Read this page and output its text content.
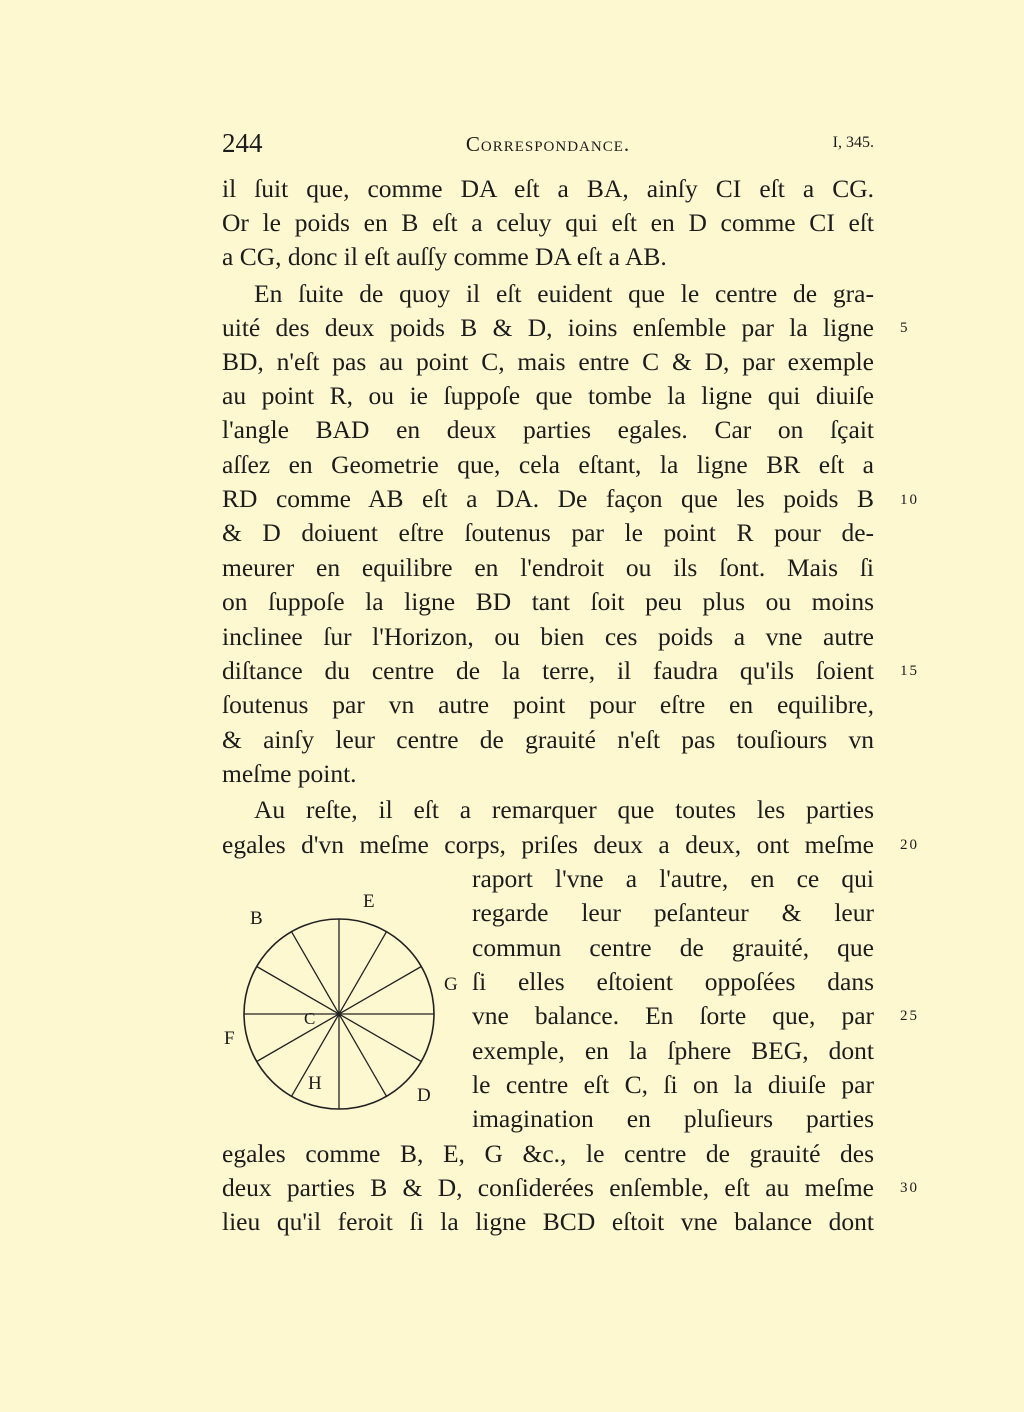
244	Correspondance.	I, 345.
il ſuit que, comme DA eſt a BA, ainſy CI eſt a CG.
Or le poids en B eſt a celuy qui eſt en D comme CI eſt
a CG, donc il eſt auſſy comme DA eſt a AB.
En ſuite de quoy il eſt euident que le centre de gra-
uité des deux poids B & D, ioins enſemble par la ligne
BD, n'eſt pas au point C, mais entre C & D, par exemple
au point R, ou ie ſuppoſe que tombe la ligne qui diuiſe
l'angle BAD en deux parties egales. Car on ſçait
aſſez en Geometrie que, cela eſtant, la ligne BR eſt a
RD comme AB eſt a DA. De façon que les poids B
& D doiuent eſtre ſoutenus par le point R pour de-
meurer en equilibre en l'endroit ou ils ſont. Mais ſi
on ſuppoſe la ligne BD tant ſoit peu plus ou moins
inclinee ſur l'Horizon, ou bien ces poids a vne autre
diſtance du centre de la terre, il faudra qu'ils ſoient
ſoutenus par vn autre point pour eſtre en equilibre,
& ainſy leur centre de grauité n'eſt pas touſiours vn
meſme point.
Au reſte, il eſt a remarquer que toutes les parties
egales d'vn meſme corps, priſes deux a deux, ont meſme
raport l'vne a l'autre, en ce qui
regarde leur peſanteur & leur
commun centre de grauité, que
ſi elles eſtoient oppoſées dans
vne balance. En ſorte que, par
exemple, en la ſphere BEG, dont
le centre eſt C, ſi on la diuiſe par
imagination en pluſieurs parties
egales comme B, E, G &c., le centre de grauité des
deux parties B & D, conſiderées enſemble, eſt au meſme
lieu qu'il feroit ſi la ligne BCD eſtoit vne balance dont
5
10
15
20
25
30
B
E
G
C
F
H
D
